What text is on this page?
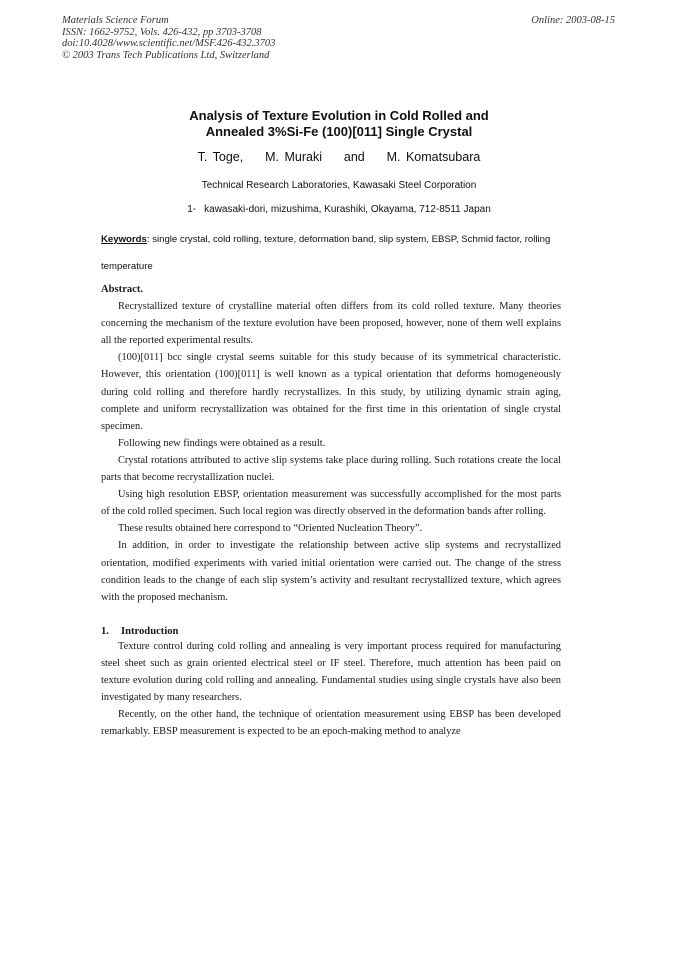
Materials Science Forum
ISSN: 1662-9752, Vols. 426-432, pp 3703-3708
doi:10.4028/www.scientific.net/MSF.426-432.3703
© 2003 Trans Tech Publications Ltd, Switzerland
Online: 2003-08-15
Analysis of Texture Evolution in Cold Rolled and
Annealed 3%Si-Fe (100)[011] Single Crystal
T. Toge,    M. Muraki    and    M. Komatsubara
Technical Research Laboratories, Kawasaki Steel Corporation
1- kawasaki-dori, mizushima, Kurashiki, Okayama, 712-8511 Japan
Keywords: single crystal, cold rolling, texture, deformation band, slip system, EBSP, Schmid factor, rolling temperature
Abstract.

Recrystallized texture of crystalline material often differs from its cold rolled texture. Many theories concerning the mechanism of the texture evolution have been proposed, however, none of them well explains all the reported experimental results.

(100)[011] bcc single crystal seems suitable for this study because of its symmetrical characteristic. However, this orientation (100)[011] is well known as a typical orientation that deforms homogeneously during cold rolling and therefore hardly recrystallizes. In this study, by utilizing dynamic strain aging, complete and uniform recrystallization was obtained for the first time in this orientation of single crystal specimen.

Following new findings were obtained as a result.

Crystal rotations attributed to active slip systems take place during rolling. Such rotations create the local parts that become recrystallization nuclei.

Using high resolution EBSP, orientation measurement was successfully accomplished for the most parts of the cold rolled specimen. Such local region was directly observed in the deformation bands after rolling.

These results obtained here correspond to “Oriented Nucleation Theory”.

In addition, in order to investigate the relationship between active slip systems and recrystallized orientation, modified experiments with varied initial orientation were carried out. The change of the stress condition leads to the change of each slip system’s activity and resultant recrystallized texture, which agrees with the proposed mechanism.

1. Introduction

Texture control during cold rolling and annealing is very important process required for manufacturing steel sheet such as grain oriented electrical steel or IF steel. Therefore, much attention has been paid on texture evolution during cold rolling and annealing. Fundamental studies using single crystals have also been investigated by many researchers.

Recently, on the other hand, the technique of orientation measurement using EBSP has been developed remarkably. EBSP measurement is expected to be an epoch-making method to analyze
